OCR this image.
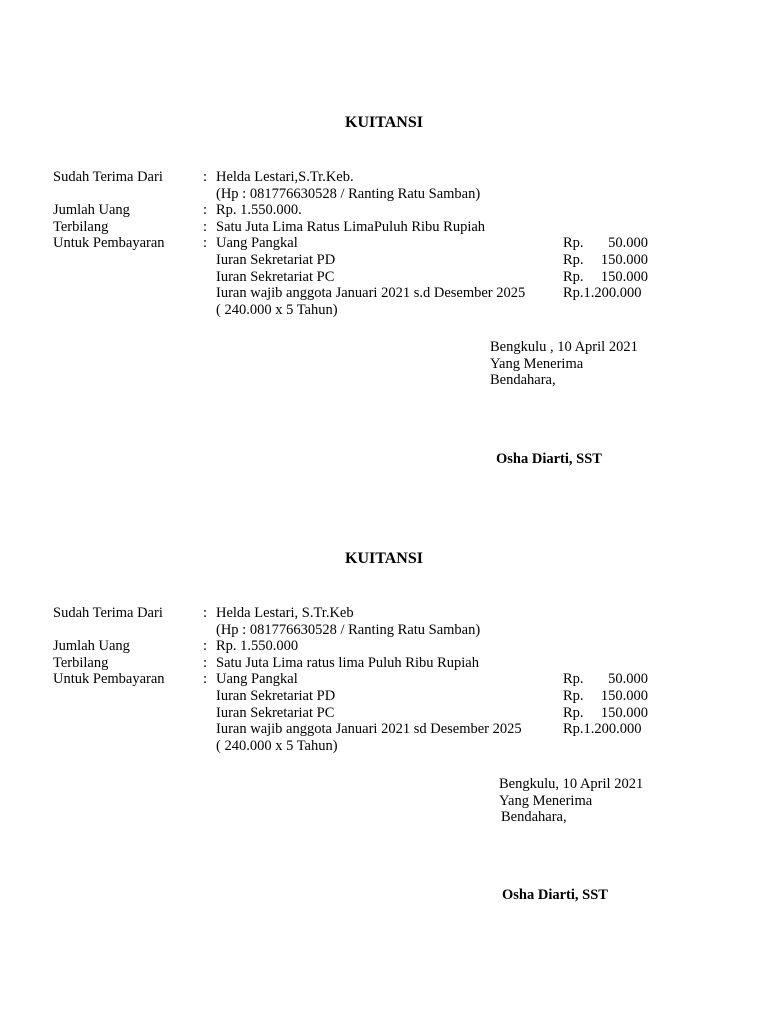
KUITANSI
Sudah Terima Dari	: Helda Lestari,S.Tr.Keb.
(Hp : 081776630528 / Ranting Ratu Samban)
Jumlah Uang	: Rp. 1.550.000.
Terbilang	: Satu Juta Lima Ratus LimaPuluh Ribu Rupiah
Untuk Pembayaran	: Uang Pangkal	Rp.	50.000
Iuran Sekretariat PD	Rp. 150.000
Iuran Sekretariat PC	Rp. 150.000
Iuran wajib anggota Januari 2021 s.d Desember 2025	Rp.1.200.000
( 240.000 x 5 Tahun)
Bengkulu , 10 April 2021
Yang Menerima
Bendahara,
Osha Diarti, SST
KUITANSI
Sudah Terima Dari	: Helda Lestari, S.Tr.Keb
(Hp : 081776630528 / Ranting Ratu Samban)
Jumlah Uang	: Rp. 1.550.000
Terbilang	: Satu Juta Lima ratus lima Puluh Ribu Rupiah
Untuk Pembayaran	: Uang Pangkal	Rp.	50.000
Iuran Sekretariat PD	Rp. 150.000
Iuran Sekretariat PC	Rp. 150.000
Iuran wajib anggota Januari 2021 sd Desember 2025	Rp.1.200.000
( 240.000 x 5 Tahun)
Bengkulu, 10 April 2021
Yang Menerima
Bendahara,
Osha Diarti, SST
